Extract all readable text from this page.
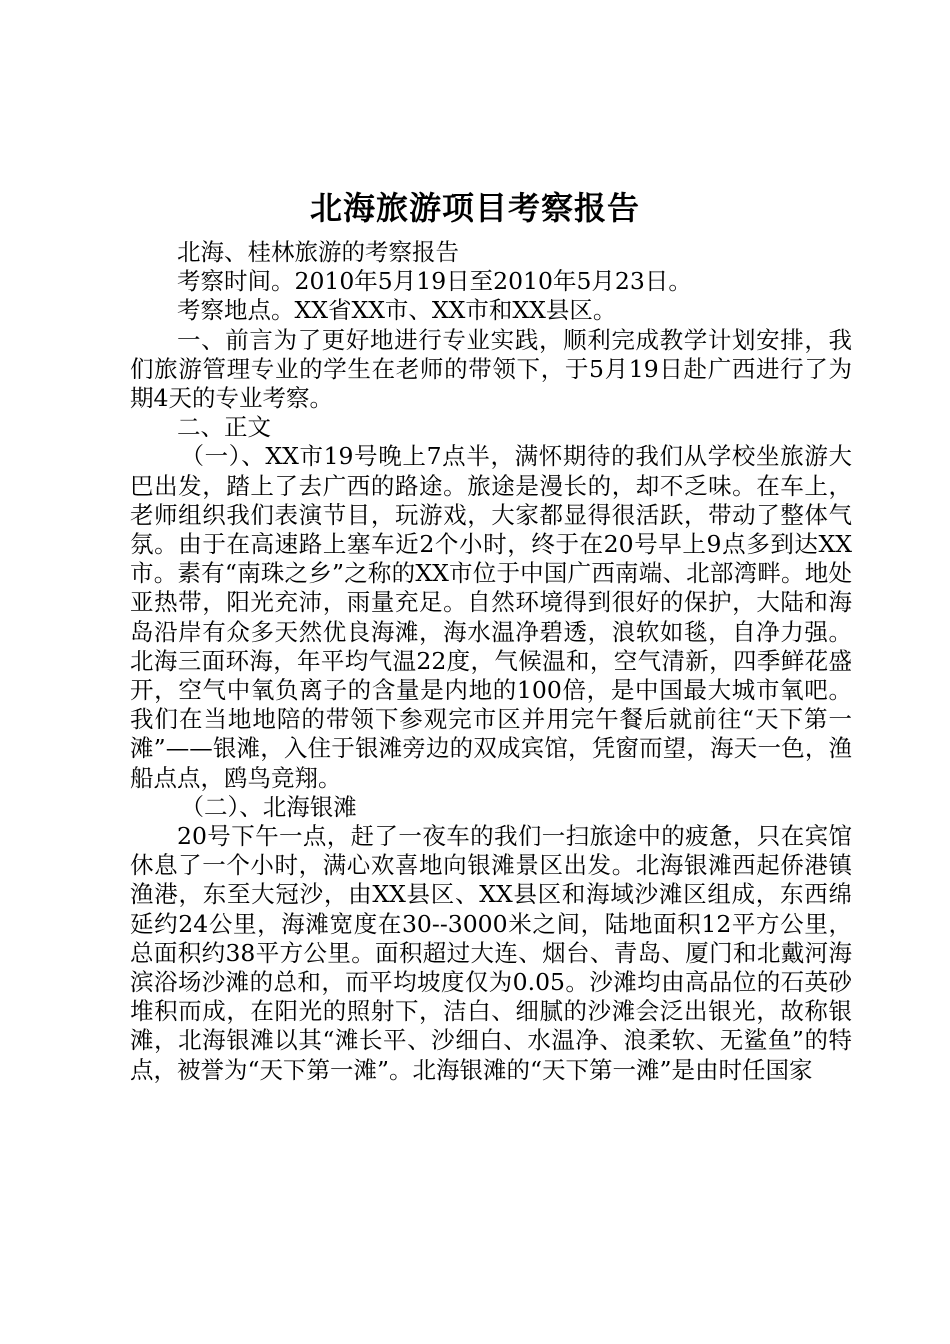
北海旅游项目考察报告

北海、桂林旅游的考察报告

考察时间。2010年5月19日至2010年5月23日。

考察地点。XX省XX市、XX市和XX县区。

一、前言为了更好地进行专业实践，顺利完成教学计划安排，我们旅游管理专业的学生在老师的带领下，于5月19日赴广西进行了为期4天的专业考察。

二、正文

（一）、XX市19号晚上7点半，满怀期待的我们从学校坐旅游大巴出发，踏上了去广西的路途。旅途是漫长的，却不乏味。在车上，老师组织我们表演节目，玩游戏，大家都显得很活跃，带动了整体气氛。由于在高速路上塞车近2个小时，终于在20号早上9点多到达XX市。素有“南珠之乡”之称的XX市位于中国广西南端、北部湾畔。地处亚热带，阳光充沛，雨量充足。自然环境得到很好的保护，大陆和海岛沿岸有众多天然优良海滩，海水温净碧透，浪软如毯，自净力强。北海三面环海，年平均气温22度，气候温和，空气清新，四季鲜花盛开，空气中氧负离子的含量是内地的100倍，是中国最大城市氧吧。我们在当地地陪的带领下参观完市区并用完午餐后就前往“天下第一滩”——银滩，入住于银滩旁边的双成宾馆，凭窗而望，海天一色，渔船点点，鸥鸟竞翔。

（二）、北海银滩

20号下午一点，赶了一夜车的我们一扫旅途中的疲惫，只在宾馆休息了一个小时，满心欢喜地向银滩景区出发。北海银滩西起侨港镇渔港，东至大冠沙，由XX县区、XX县区和海域沙滩区组成，东西绵延约24公里，海滩宽度在30--3000米之间，陆地面积12平方公里，总面积约38平方公里。面积超过大连、烟台、青岛、厦门和北戴河海滨浴场沙滩的总和，而平均坡度仅为0.05。沙滩均由高品位的石英砂堆积而成，在阳光的照射下，洁白、细腻的沙滩会泛出银光，故称银滩，北海银滩以其“滩长平、沙细白、水温净、浪柔软、无鲨鱼”的特点，被誉为“天下第一滩”。北海银滩的“天下第一滩”是由时任国家
